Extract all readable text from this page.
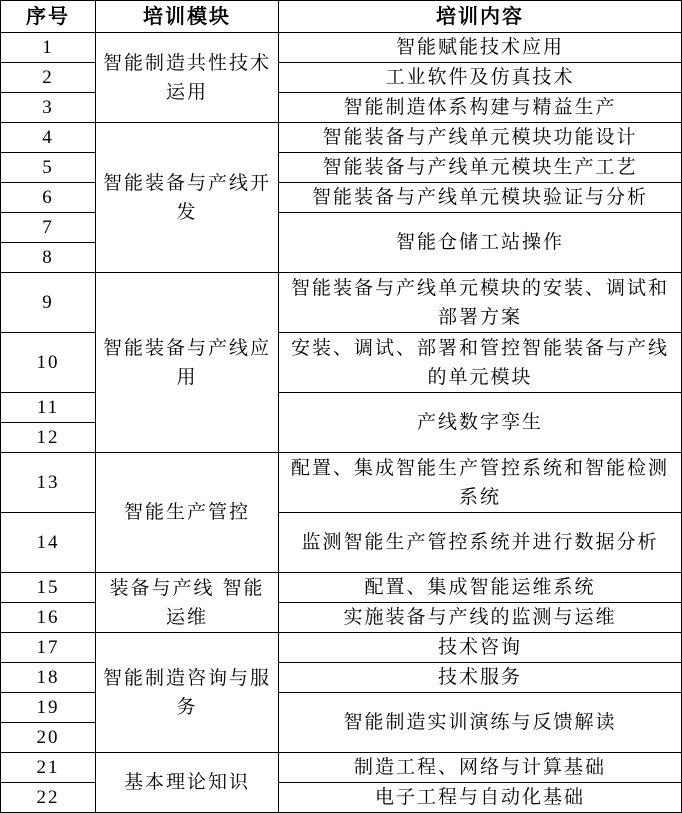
序号	培训模块	培训内容
1	智能制造共性技术运用	智能赋能技术应用
2		工业软件及仿真技术
3		智能制造体系构建与精益生产
4	智能装备与产线开发	智能装备与产线单元模块功能设计
5		智能装备与产线单元模块生产工艺
6		智能装备与产线单元模块验证与分析
7		智能仓储工站操作
8		
9	智能装备与产线应用	智能装备与产线单元模块的安装、调试和部署方案
10		安装、调试、部署和管控智能装备与产线的单元模块
11		产线数字孪生
12		
13	智能生产管控	配置、集成智能生产管控系统和智能检测系统
14		监测智能生产管控系统并进行数据分析
15	装备与产线 智能运维	配置、集成智能运维系统
16		实施装备与产线的监测与运维
17	智能制造咨询与服务	技术咨询
18		技术服务
19		智能制造实训演练与反馈解读
20		
21	基本理论知识	制造工程、网络与计算基础
22		电子工程与自动化基础
